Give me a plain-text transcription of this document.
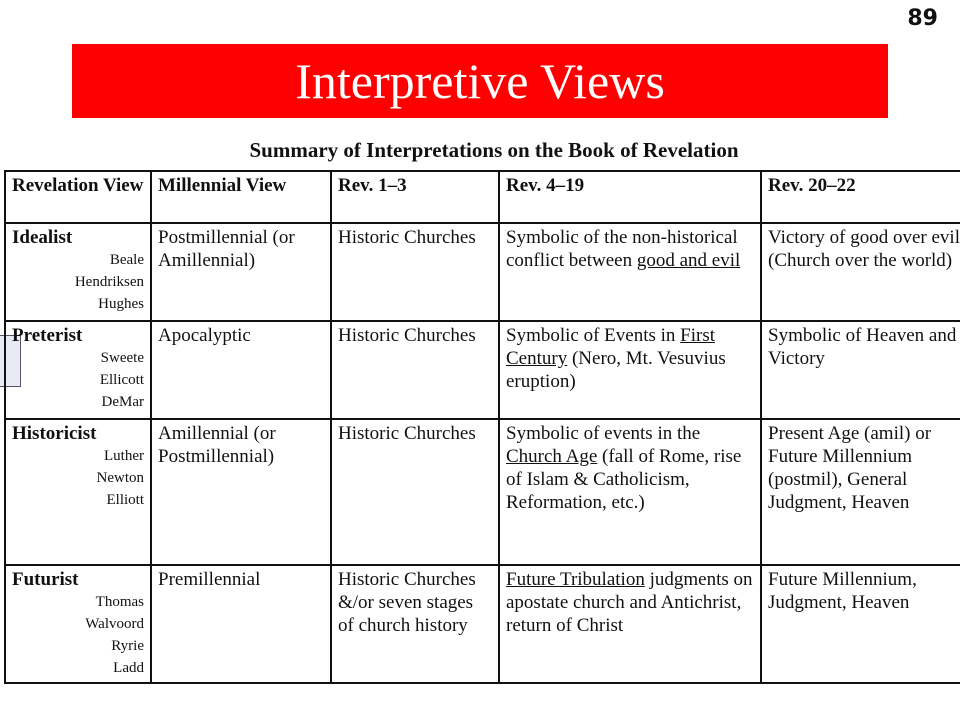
89
Interpretive Views
Summary of Interpretations on the Book of Revelation
Revelation View	Millennial View	Rev. 1–3	Rev. 4–19	Rev. 20–22

Idealist
Beale
Hendriksen
Hughes	Postmillennial (or Amillennial)	Historic Churches	Symbolic of the non-historical conflict between good and evil	Victory of good over evil (Church over the world)

Preterist
Sweete
Ellicott
DeMar	Apocalyptic	Historic Churches	Symbolic of Events in First Century (Nero, Mt. Vesuvius eruption)	Symbolic of Heaven and Victory

Historicist
Luther
Newton
Elliott	Amillennial (or Postmillennial)	Historic Churches	Symbolic of events in the Church Age (fall of Rome, rise of Islam & Catholicism, Reformation, etc.)	Present Age (amil) or Future Millennium (postmil), General Judgment, Heaven

Futurist
Thomas
Walvoord
Ryrie
Ladd	Premillennial	Historic Churches &/or seven stages of church history	Future Tribulation judgments on apostate church and Antichrist, return of Christ	Future Millennium, Judgment, Heaven
